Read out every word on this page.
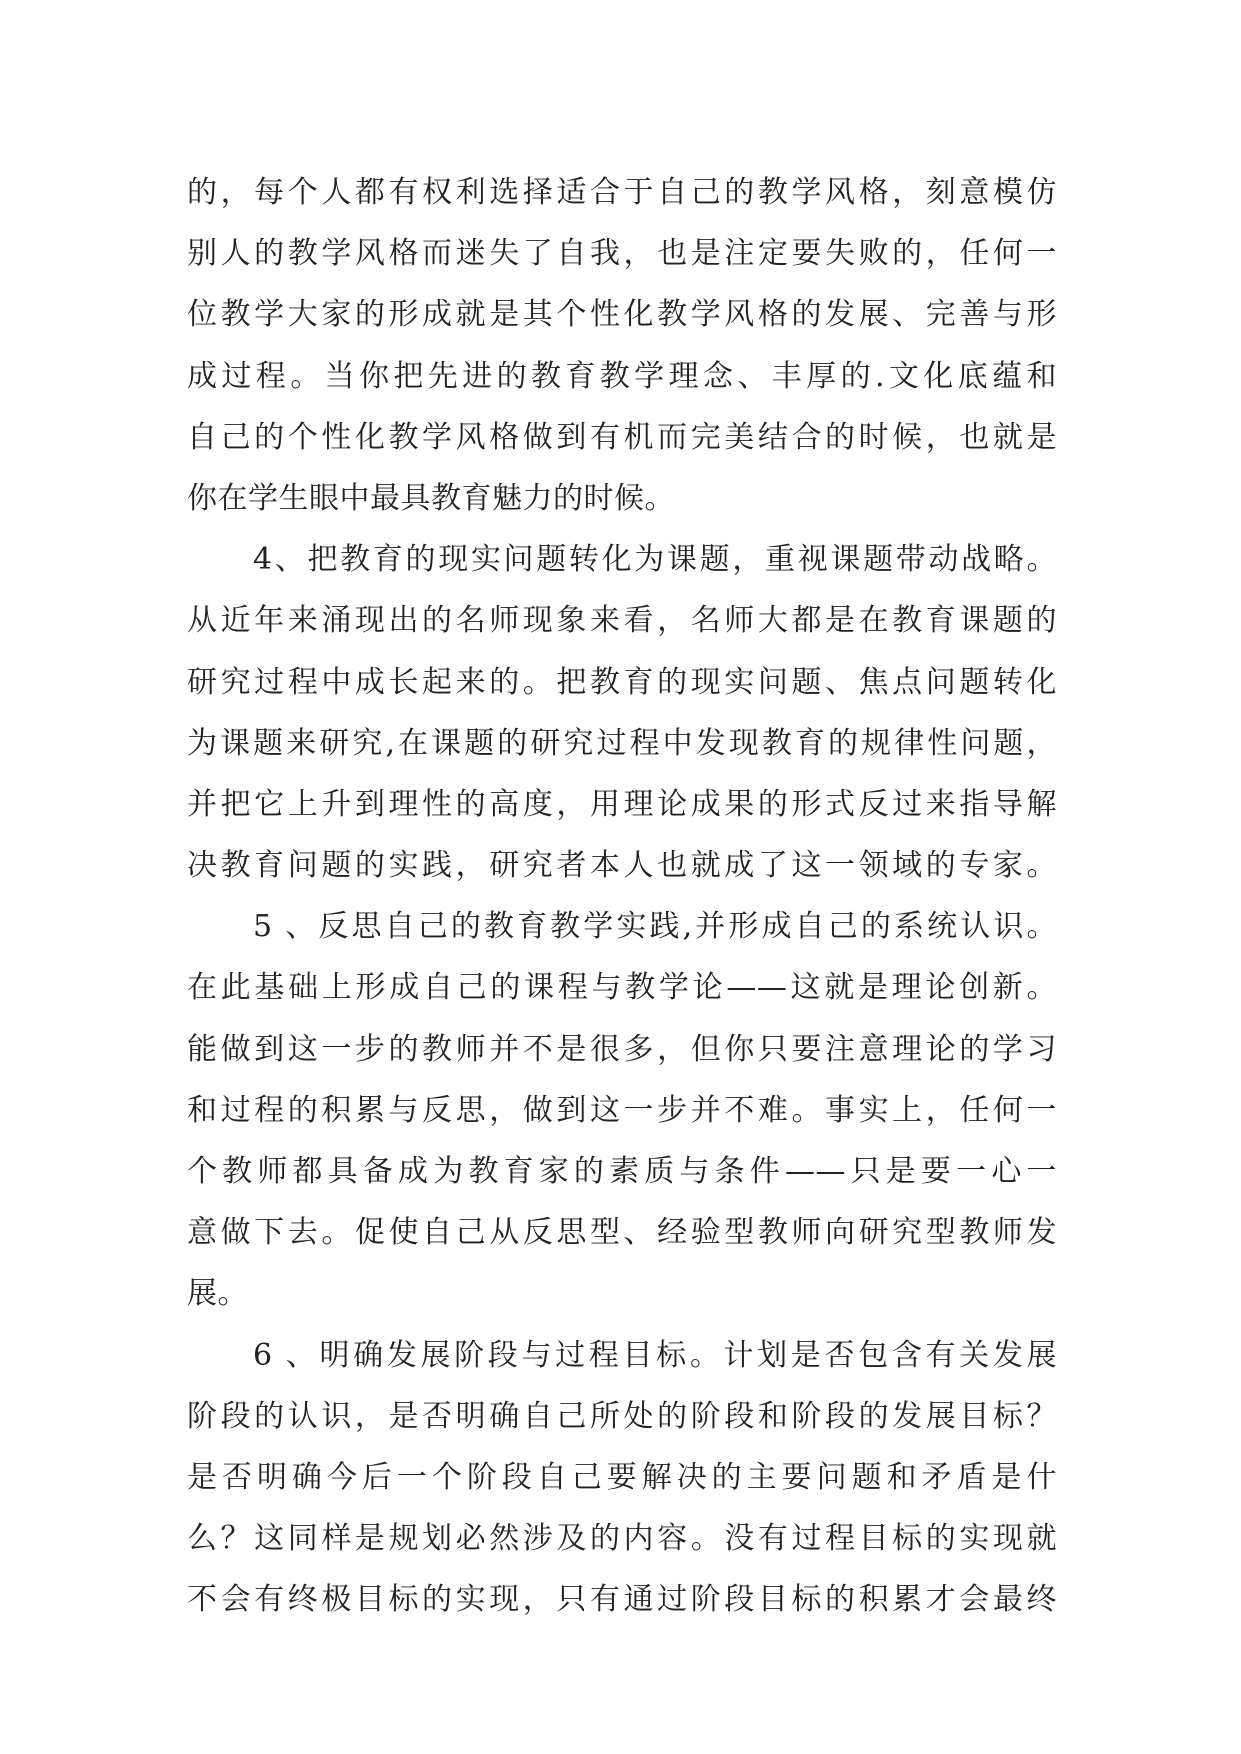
的，每个人都有权利选择适合于自己的教学风格，刻意模仿
别人的教学风格而迷失了自我，也是注定要失败的，任何一
位教学大家的形成就是其个性化教学风格的发展、完善与形
成过程。当你把先进的教育教学理念、丰厚的.文化底蕴和
自己的个性化教学风格做到有机而完美结合的时候，也就是
你在学生眼中最具教育魅力的时候。
4、把教育的现实问题转化为课题，重视课题带动战略。
从近年来涌现出的名师现象来看，名师大都是在教育课题的
研究过程中成长起来的。把教育的现实问题、焦点问题转化
为课题来研究,在课题的研究过程中发现教育的规律性问题，
并把它上升到理性的高度，用理论成果的形式反过来指导解
决教育问题的实践，研究者本人也就成了这一领域的专家。
5 、反思自己的教育教学实践,并形成自己的系统认识。
在此基础上形成自己的课程与教学论——这就是理论创新。
能做到这一步的教师并不是很多，但你只要注意理论的学习
和过程的积累与反思，做到这一步并不难。事实上，任何一
个教师都具备成为教育家的素质与条件——只是要一心一
意做下去。促使自己从反思型、经验型教师向研究型教师发
展。
6 、明确发展阶段与过程目标。计划是否包含有关发展
阶段的认识，是否明确自己所处的阶段和阶段的发展目标？
是否明确今后一个阶段自己要解决的主要问题和矛盾是什
么？这同样是规划必然涉及的内容。没有过程目标的实现就
不会有终极目标的实现，只有通过阶段目标的积累才会最终
